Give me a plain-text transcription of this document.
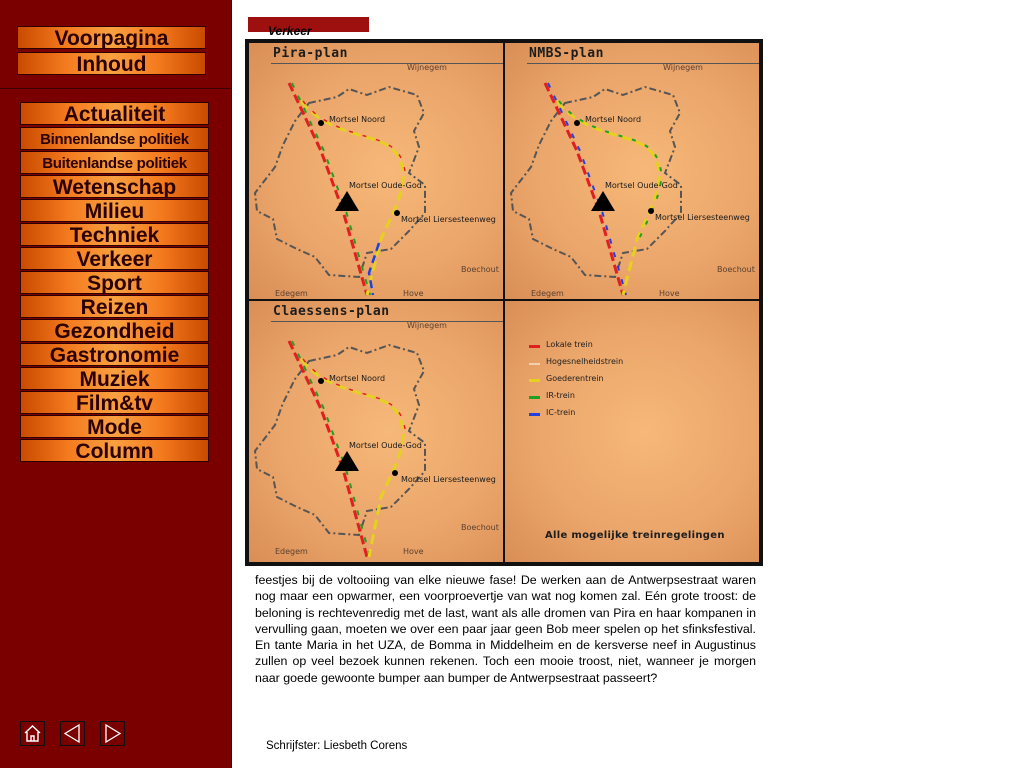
Voorpagina
Inhoud
Actualiteit
Binnenlandse politiek
Buitenlandse politiek
Wetenschap
Milieu
Techniek
Verkeer
Sport
Reizen
Gezondheid
Gastronomie
Muziek
Film&tv
Mode
Column
Verkeer
Pira-plan
Wijnegem
Mortsel Noord
Mortsel Oude-God
Mortsel Liersesteenweg
Boechout
Edegem	Hove
NMBS-plan
Wijnegem
Mortsel Noord
Mortsel Oude-God
Mortsel Liersesteenweg
Boechout
Edegem	Hove
Claessens-plan
Wijnegem
Mortsel Noord
Mortsel Oude-God
Mortsel Liersesteenweg
Boechout
Edegem	Hove
Lokale trein
Hogesnelheidstrein
Goederentrein
IR-trein
IC-trein
Alle mogelijke treinregelingen

feestjes bij de voltooiing van elke nieuwe fase! De werken aan de Antwerpsestraat waren nog maar een opwarmer, een voorproevertje van wat nog komen zal. Eén grote troost: de beloning is rechtevenredig met de last, want als alle dromen van Pira en haar kompanen in vervulling gaan, moeten we over een paar jaar geen Bob meer spelen op het sfinksfestival. En tante Maria in het UZA, de Bomma in Middelheim en de kersverse neef in Augustinus zullen op veel bezoek kunnen rekenen. Toch een mooie troost, niet, wanneer je morgen naar goede gewoonte bumper aan bumper de Antwerpsestraat passeert?

Schrijfster: Liesbeth Corens
